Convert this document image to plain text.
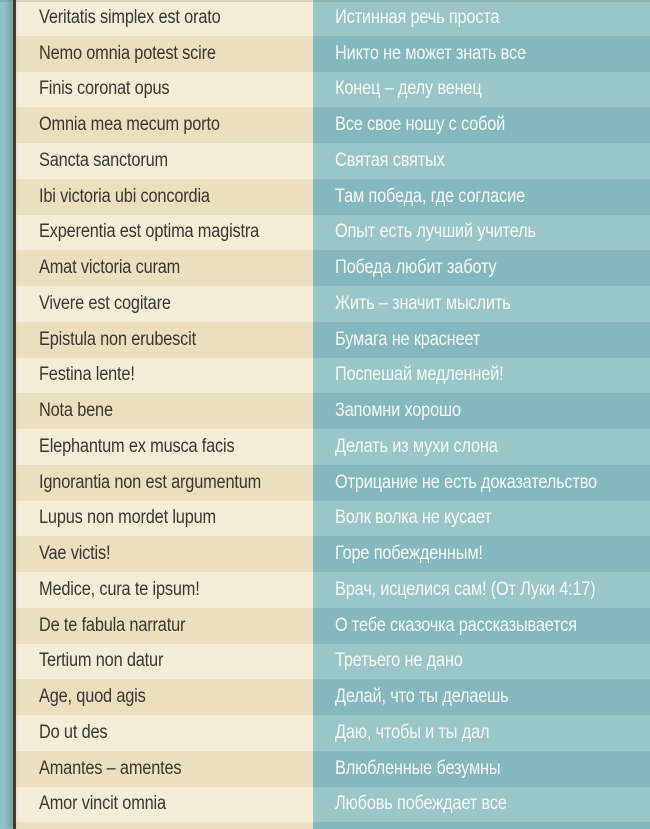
Veritatis simplex est orato	Истинная речь проста
Nemo omnia potest scire	Никто не может знать все
Finis coronat opus	Конец – делу венец
Omnia mea mecum porto	Все свое ношу с собой
Sancta sanctorum	Святая святых
Ibi victoria ubi concordia	Там победа, где согласие
Experentia est optima magistra	Опыт есть лучший учитель
Amat victoria curam	Победа любит заботу
Vivere est cogitare	Жить – значит мыслить
Epistula non erubescit	Бумага не краснеет
Festina lente!	Поспешай медленней!
Nota bene	Запомни хорошо
Elephantum ex musca facis	Делать из мухи слона
Ignorantia non est argumentum	Отрицание не есть доказательство
Lupus non mordet lupum	Волк волка не кусает
Vae victis!	Горе побежденным!
Medice, cura te ipsum!	Врач, исцелися сам! (От Луки 4:17)
De te fabula narratur	О тебе сказочка рассказывается
Tertium non datur	Третьего не дано
Age, quod agis	Делай, что ты делаешь
Do ut des	Даю, чтобы и ты дал
Amantes – amentes	Влюбленные безумны
Amor vincit omnia	Любовь побеждает все
